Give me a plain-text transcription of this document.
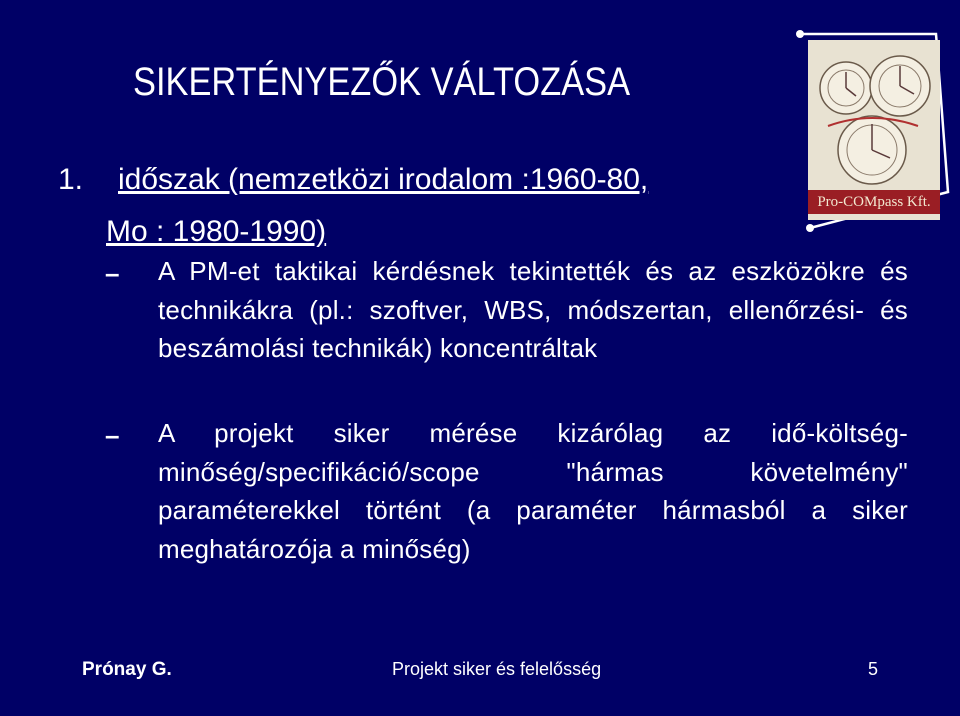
SIKERTÉNYEZŐK VÁLTOZÁSA
1. időszak (nemzetközi irodalom :1960-80,
Mo : 1980-1990)
– A PM-et taktikai kérdésnek tekintették és az eszközökre és technikákra (pl.: szoftver, WBS, módszertan, ellenőrzési- és beszámolási technikák) koncentráltak
– A projekt siker mérése kizárólag az idő-költség-minőség/specifikáció/scope "hármas követelmény" paraméterekkel történt (a paraméter hármasból a siker meghatározója a minőség)
Pro-COMpass Kft.
Prónay G.	Projekt siker és felelősség	5
